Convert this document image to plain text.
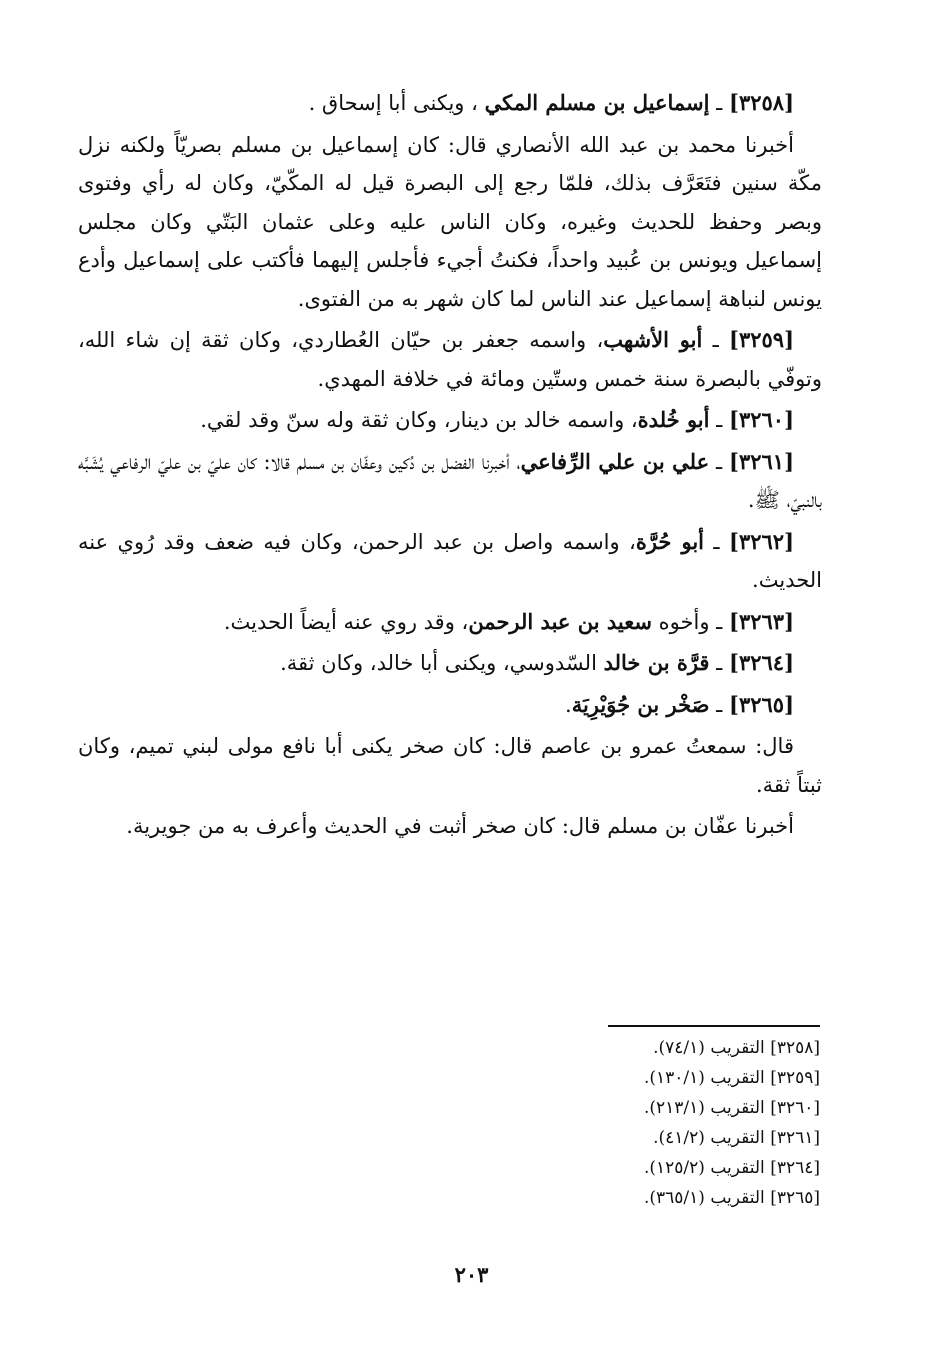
[٣٢٥٨] ـ إسماعيل بن مسلم المكي ، ويكنى أبا إسحاق .

أخبرنا محمد بن عبد الله الأنصاري قال: كان إسماعيل بن مسلم بصريّاً ولكنه نزل مكّة سنين فتَعَرَّف بذلك، فلمّا رجع إلى البصرة قيل له المكّيّ، وكان له رأي وفتوى وبصر وحفظ للحديث وغيره، وكان الناس عليه وعلى عثمان البَتّي وكان مجلس إسماعيل ويونس بن عُبيد واحداً، فكنتُ أجيء فأجلس إليهما فأكتب على إسماعيل وأدع يونس لنباهة إسماعيل عند الناس لما كان شهر به من الفتوى.

[٣٢٥٩] ـ أبو الأشهب، واسمه جعفر بن حيّان العُطاردي، وكان ثقة إن شاء الله، وتوفّي بالبصرة سنة خمس وستّين ومائة في خلافة المهدي.

[٣٢٦٠] ـ أبو خُلدة، واسمه خالد بن دينار، وكان ثقة وله سنّ وقد لقي.

[٣٢٦١] ـ علي بن علي الرِّفاعي، أخبرنا الفضل بن دُكين وعفّان بن مسلم قالا: كان عليّ بن عليّ الرفاعي يُشَبَّه بالنبيّ، ﷺ.

[٣٢٦٢] ـ أبو حُرَّة، واسمه واصل بن عبد الرحمن، وكان فيه ضعف وقد رُوي عنه الحديث.

[٣٢٦٣] ـ وأخوه سعيد بن عبد الرحمن، وقد روي عنه أيضاً الحديث.

[٣٢٦٤] ـ قرَّة بن خالد السّدوسي، ويكنى أبا خالد، وكان ثقة.

[٣٢٦٥] ـ صَخْر بن جُوَيْرِيَة.

قال: سمعتُ عمرو بن عاصم قال: كان صخر يكنى أبا نافع مولى لبني تميم، وكان ثبتاً ثقة.

أخبرنا عفّان بن مسلم قال: كان صخر أثبت في الحديث وأعرف به من جويرية.

[٣٢٥٨] التقريب (٧٤/١).
[٣٢٥٩] التقريب (١٣٠/١).
[٣٢٦٠] التقريب (٢١٣/١).
[٣٢٦١] التقريب (٤١/٢).
[٣٢٦٤] التقريب (١٢٥/٢).
[٣٢٦٥] التقريب (٣٦٥/١).
٢٠٣
